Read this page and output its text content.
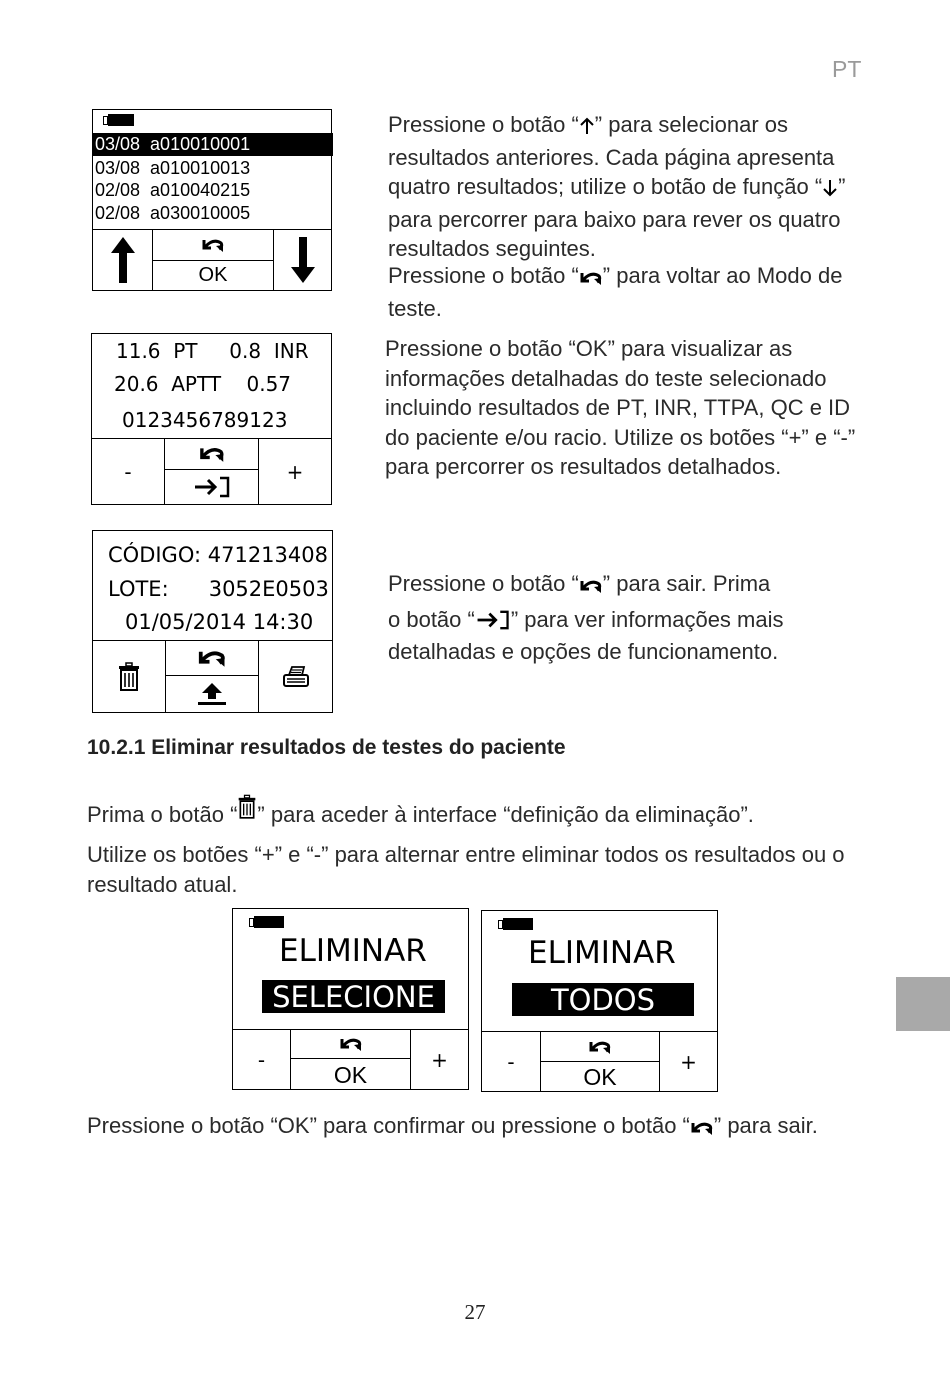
PT
03/08  a010010001
03/08  a010010013
02/08  a010040215
02/08  a030010005
OK
Pressione o botão “ ” para selecionar os resultados anteriores. Cada página apresenta quatro resultados; utilize o botão de função “ ” para percorrer para baixo para rever os quatro resultados seguintes.
Pressione o botão “ ” para voltar ao Modo de teste.
11.6  PT     0.8  INR
20.6  APTT    0.57
0123456789123
-	+
Pressione o botão “OK” para visualizar as informações detalhadas do teste selecionado incluindo resultados de PT, INR, TTPA, QC e ID do paciente e/ou racio. Utilize os botões “+” e “-” para percorrer os resultados detalhados.
CÓDIGO: 471213408
LOTE:      3052E0503
01/05/2014 14:30
Pressione o botão “ ” para sair. Prima
o botão “ ” para ver informações mais
detalhadas e opções de funcionamento.
10.2.1 Eliminar resultados de testes do paciente
Prima o botão “ ” para aceder à interface “definição da eliminação”.
Utilize os botões “+” e “-” para alternar entre eliminar todos os resultados ou o resultado atual.
ELIMINAR
SELECIONE
-
OK
+
ELIMINAR
TODOS
-
OK
+
Pressione o botão “OK” para confirmar ou pressione o botão “ ” para sair.
27
